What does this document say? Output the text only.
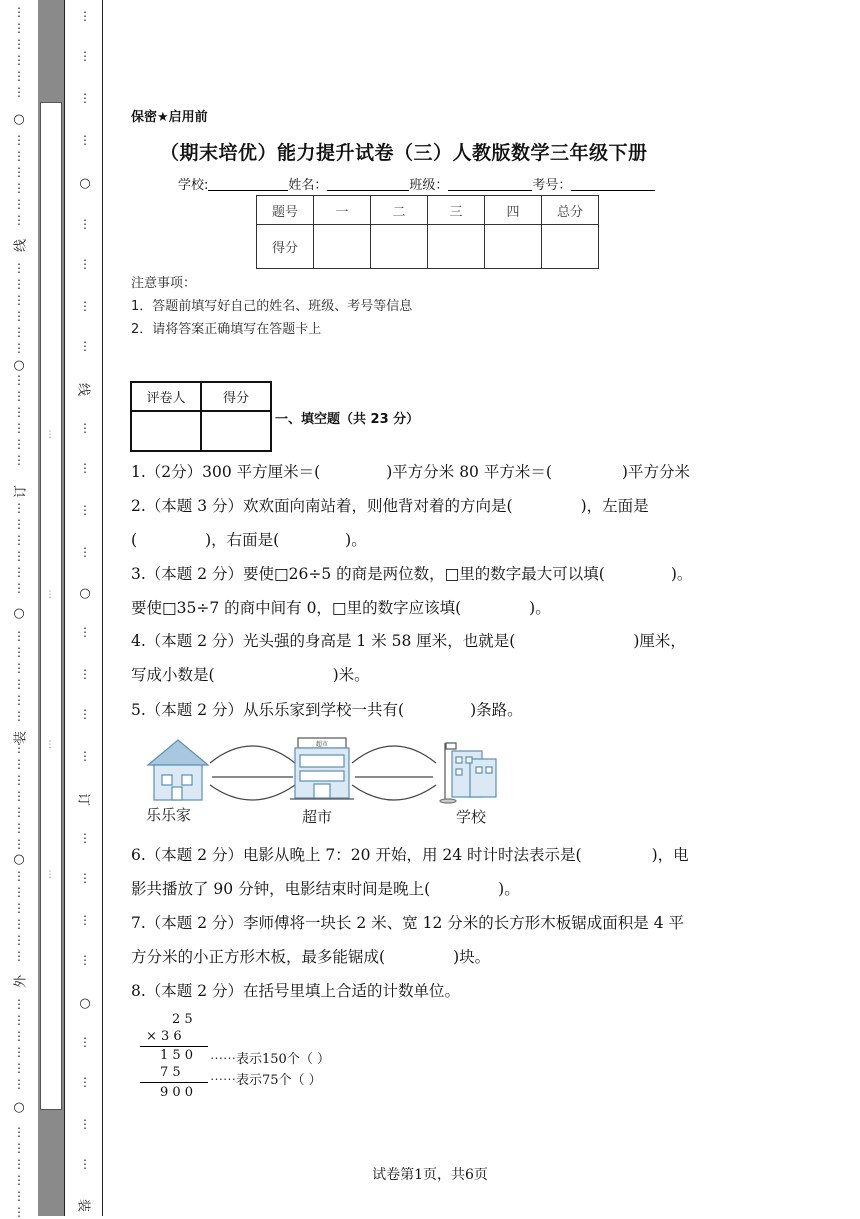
⋮
⋮
⋮
⋮
⋮
⋮
⋮
⋮
⋮
⋮
⋮
⋮
⋮
⋮
⋮
⋮
⋮
⋮
⋮
⋮
⋮
⋮
⋮
⋮
⋮
⋮
⋮
⋮
⋮
⋮
⋮
⋮
⋮
⋮
⋮
⋮
⋮
⋮
⋮
⋮
⋮
⋮
⋮
⋮
⋮
⋮
⋮
⋮
⋮
⋮
⋮
⋮
⋮
⋮
⋮
⋮
⋮
⋮
⋮
⋮
⋮
⋮
⋮
⋮
⋮
⋮
⋮
⋮
⋮
⋮
⋮
⋮
⋮
⋮
⋮
⋮
⋮
⋮
⋮
⋮
⋮
⋮
⋮
⋮
⋮
○
线
○
订
○
装
○
外
○
○
线
○
订
○
装
⋮
⋮
⋮
⋮
保密★启用前
（期末培优）能力提升试卷（三）人教版数学三年级下册
学校:	姓名：	班级：	考号：
题号	一	二	三	四	总分
得分					
注意事项：
1．答题前填写好自己的姓名、班级、考号等信息
2．请将答案正确填写在答题卡上
评卷人	得分

一、填空题（共 23 分）
1.（2分）300 平方厘米＝(	)平方分米 80 平方米＝(	)平方分米
2.（本题 3 分）欢欢面向南站着，则他背对着的方向是(	)，左面是
(	)，右面是(	)。
3.（本题 2 分）要使□26÷5 的商是两位数，□里的数字最大可以填(	)。
要使□35÷7 的商中间有 0，□里的数字应该填(	)。
4.（本题 2 分）光头强的身高是 1 米 58 厘米，也就是(	)厘米，
写成小数是(	)米。
5.（本题 2 分）从乐乐家到学校一共有(	)条路。
超市
乐乐家	超市	学校
6.（本题 2 分）电影从晚上 7：20 开始，用 24 时计时法表示是(	)，电
影共播放了 90 分钟，电影结束时间是晚上(	)。
7.（本题 2 分）李师傅将一块长 2 米、宽 12 分米的长方形木板锯成面积是 4 平
方分米的小正方形木板，最多能锯成(	)块。
8.（本题 2 分）在括号里填上合适的计数单位。
2 5
× 3 6
1 5 0 ⋯⋯表示150个（ ）
7 5
⋯⋯表示75个（ ）
9 0 0
试卷第1页，共6页
